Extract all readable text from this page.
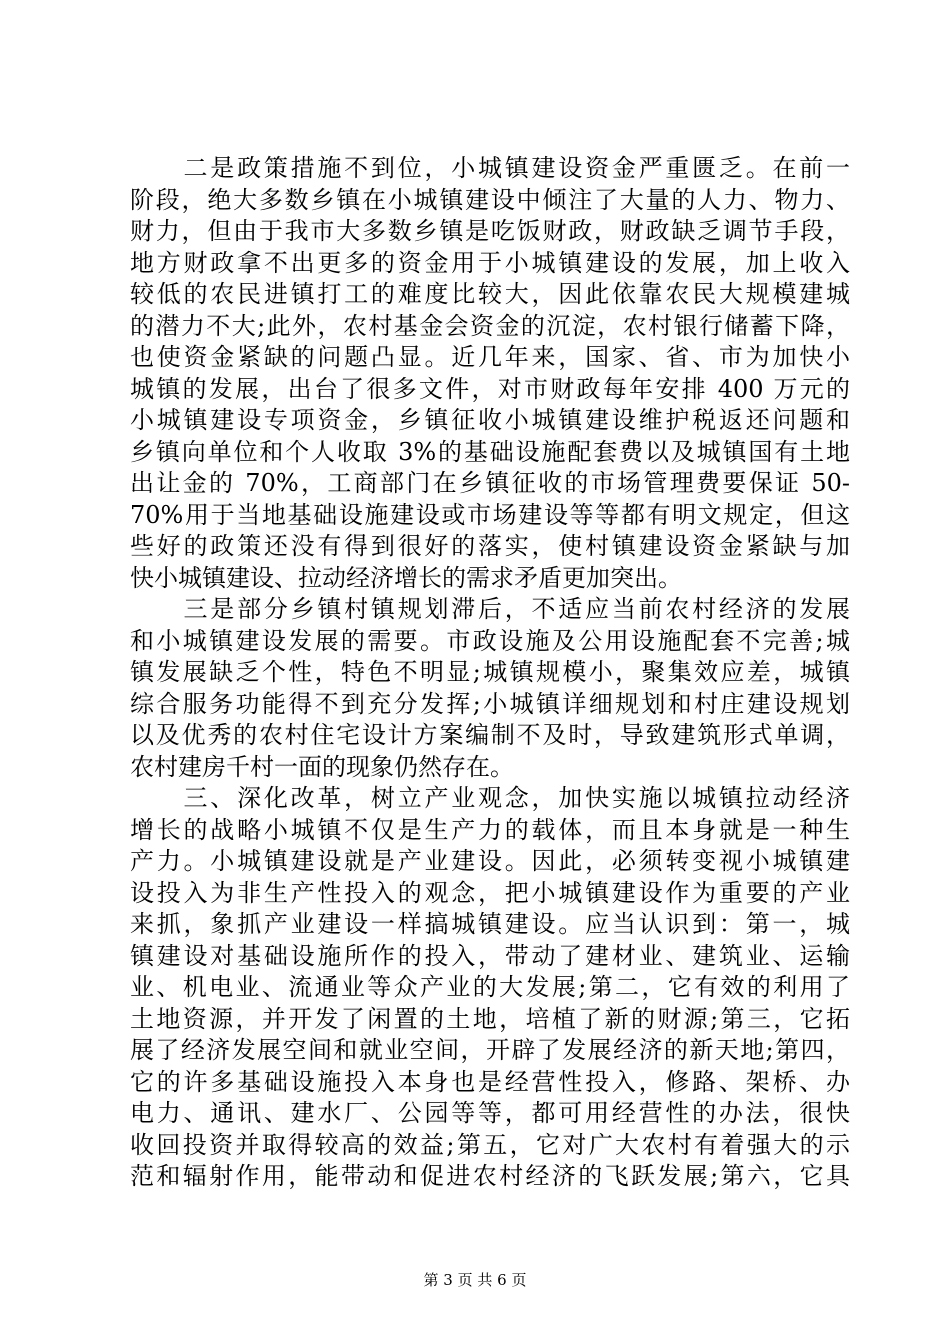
　　二是政策措施不到位，小城镇建设资金严重匮乏。在前一
阶段，绝大多数乡镇在小城镇建设中倾注了大量的人力、物力、
财力，但由于我市大多数乡镇是吃饭财政，财政缺乏调节手段，
地方财政拿不出更多的资金用于小城镇建设的发展，加上收入
较低的农民进镇打工的难度比较大，因此依靠农民大规模建城
的潜力不大;此外，农村基金会资金的沉淀，农村银行储蓄下降，
也使资金紧缺的问题凸显。近几年来，国家、省、市为加快小
城镇的发展，出台了很多文件，对市财政每年安排 400 万元的
小城镇建设专项资金，乡镇征收小城镇建设维护税返还问题和
乡镇向单位和个人收取 3%的基础设施配套费以及城镇国有土地
出让金的 70%，工商部门在乡镇征收的市场管理费要保证 50-
70%用于当地基础设施建设或市场建设等等都有明文规定，但这
些好的政策还没有得到很好的落实，使村镇建设资金紧缺与加
快小城镇建设、拉动经济增长的需求矛盾更加突出。
　　三是部分乡镇村镇规划滞后，不适应当前农村经济的发展
和小城镇建设发展的需要。市政设施及公用设施配套不完善;城
镇发展缺乏个性，特色不明显;城镇规模小，聚集效应差，城镇
综合服务功能得不到充分发挥;小城镇详细规划和村庄建设规划
以及优秀的农村住宅设计方案编制不及时，导致建筑形式单调，
农村建房千村一面的现象仍然存在。
　　三、深化改革，树立产业观念，加快实施以城镇拉动经济
增长的战略小城镇不仅是生产力的载体，而且本身就是一种生
产力。小城镇建设就是产业建设。因此，必须转变视小城镇建
设投入为非生产性投入的观念，把小城镇建设作为重要的产业
来抓，象抓产业建设一样搞城镇建设。应当认识到：第一，城
镇建设对基础设施所作的投入，带动了建材业、建筑业、运输
业、机电业、流通业等众产业的大发展;第二，它有效的利用了
土地资源，并开发了闲置的土地，培植了新的财源;第三，它拓
展了经济发展空间和就业空间，开辟了发展经济的新天地;第四，
它的许多基础设施投入本身也是经营性投入，修路、架桥、办
电力、通讯、建水厂、公园等等，都可用经营性的办法，很快
收回投资并取得较高的效益;第五，它对广大农村有着强大的示
范和辐射作用，能带动和促进农村经济的飞跃发展;第六，它具
第 3 页 共 6 页
